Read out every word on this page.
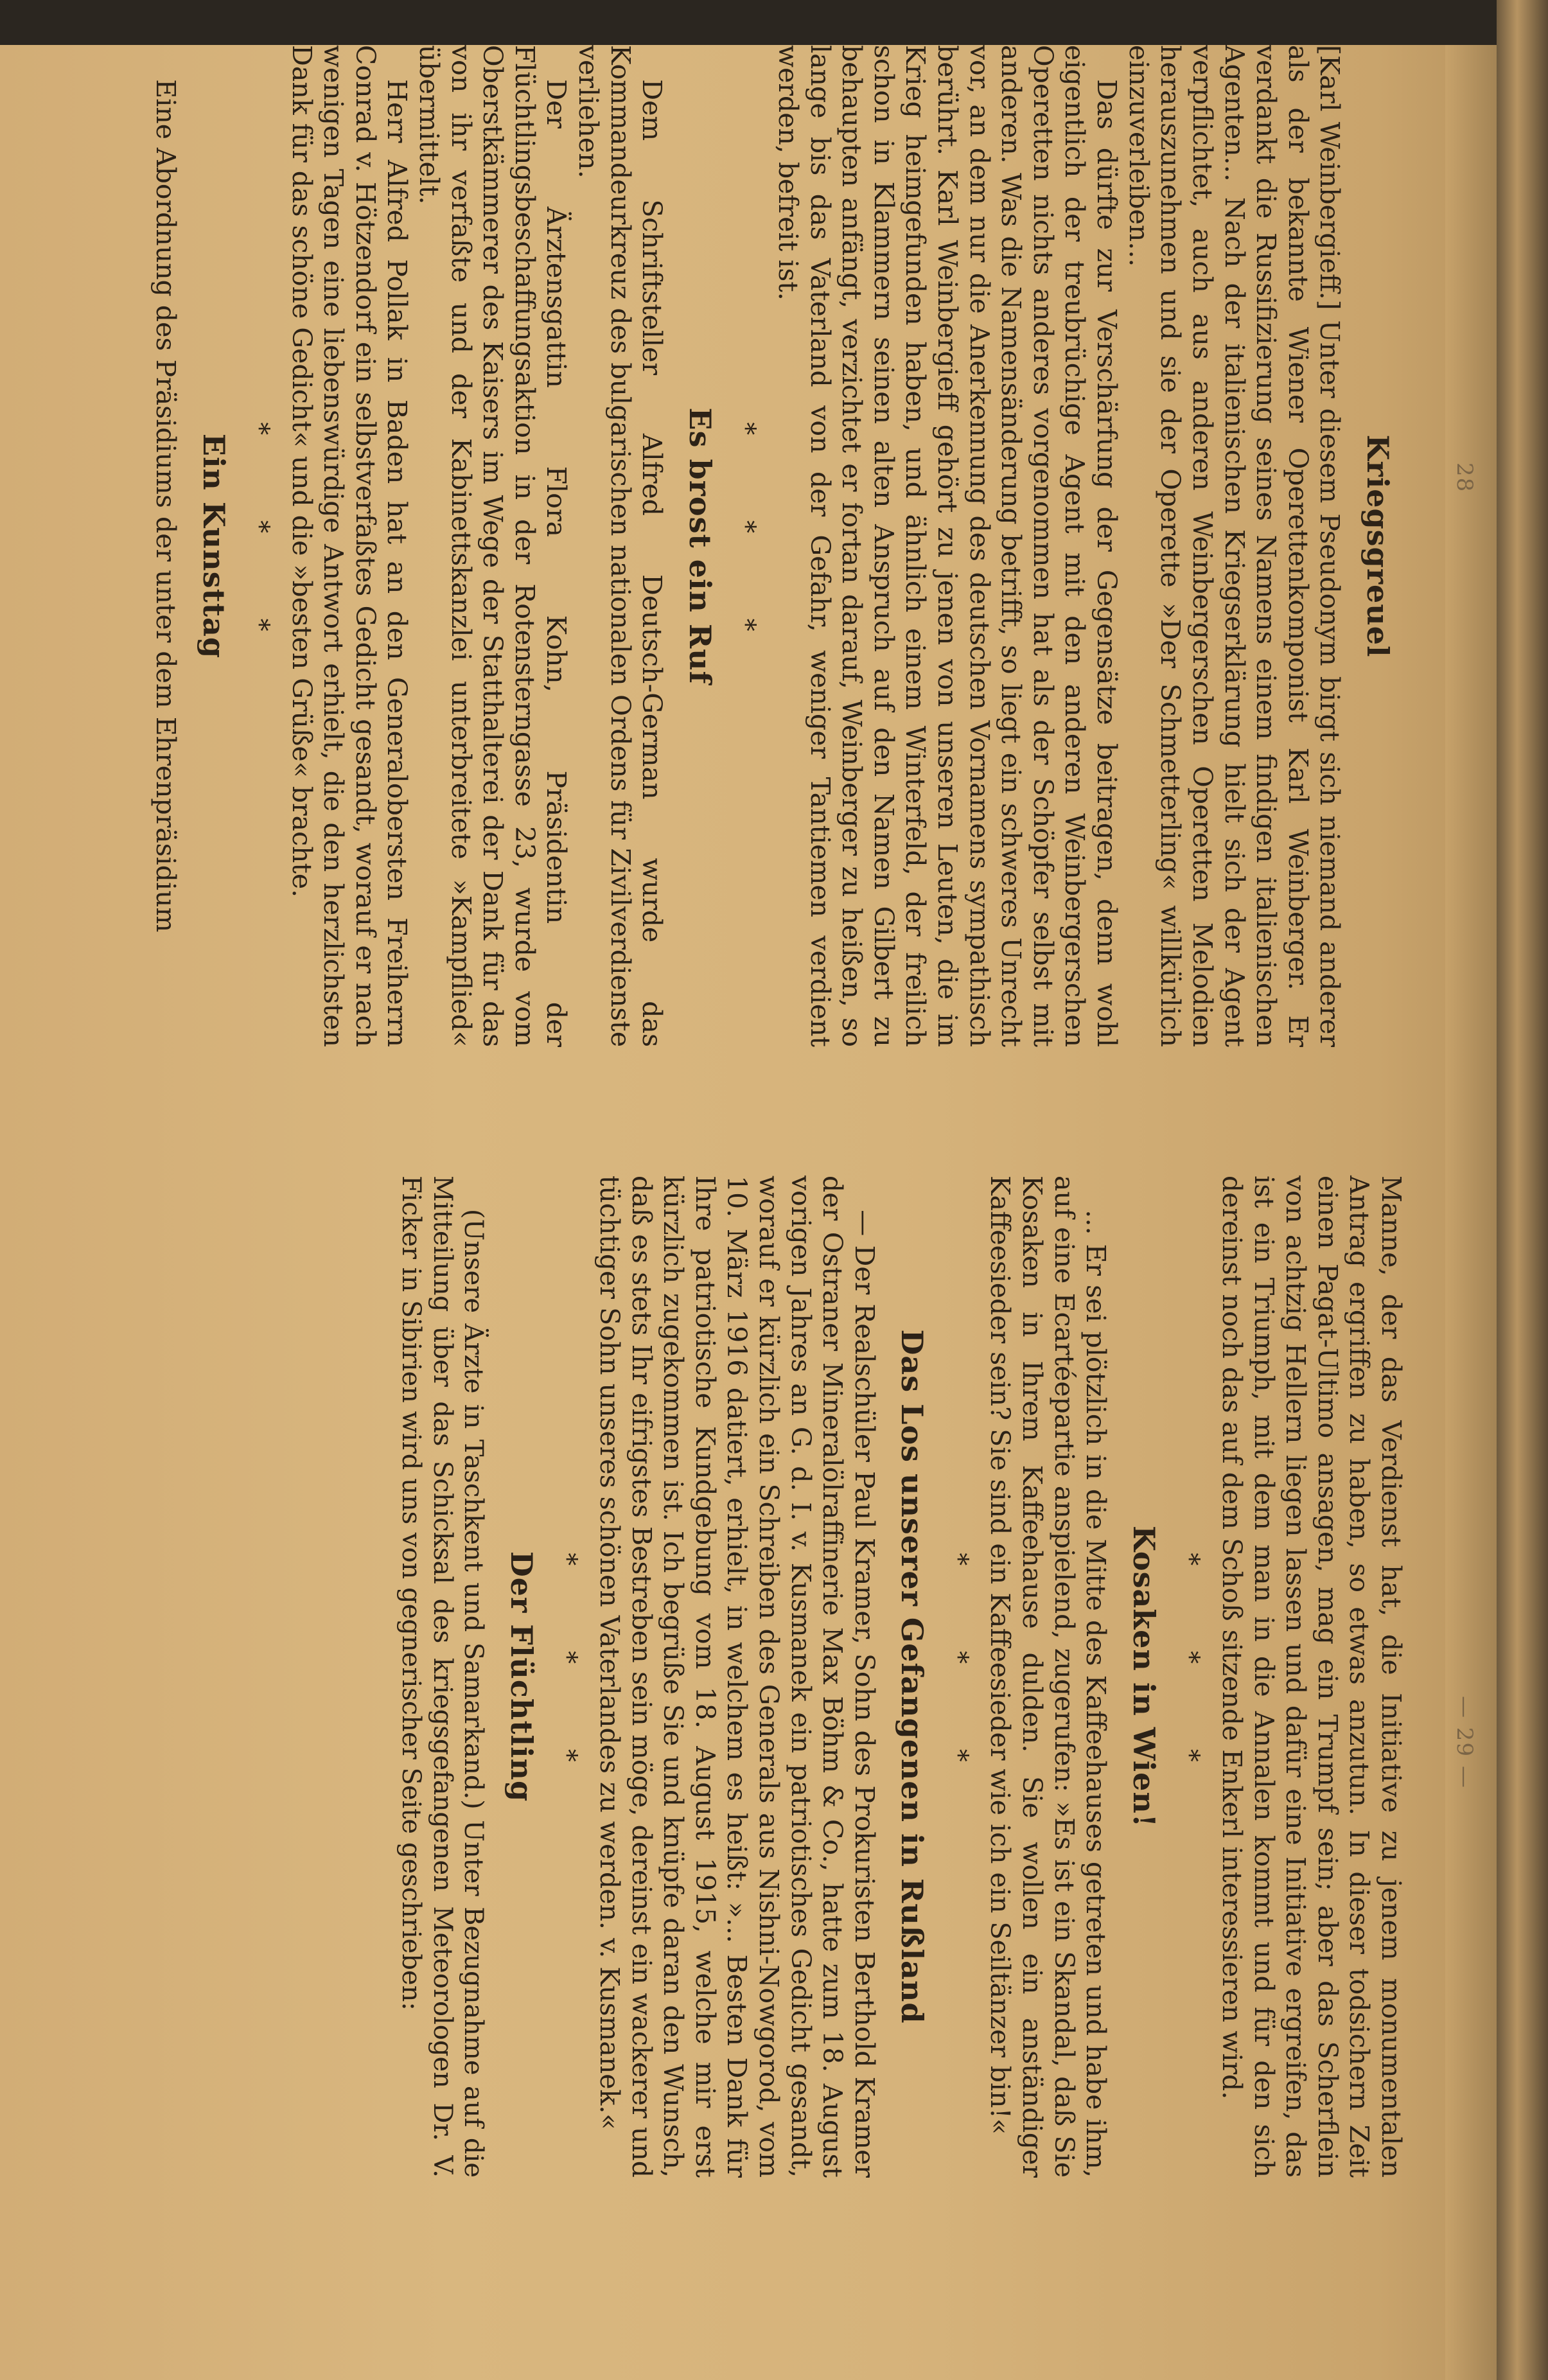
28
— 29 —
Kriegsgreuel

[Karl Weinbergieff.] Unter diesem Pseudonym birgt sich niemand anderer als der bekannte Wiener Operettenkomponist Karl Weinberger. Er verdankt die Russifizierung seines Namens einem findigen italienischen Agenten... Nach der italienischen Kriegserklärung hielt sich der Agent verpflichtet, auch aus anderen Weinbergerschen Operetten Melodien herauszunehmen und sie der Operette »Der Schmetterling« willkürlich einzuverleiben...

Das dürfte zur Verschärfung der Gegensätze beitragen, denn wohl eigentlich der treubrüchige Agent mit den anderen Weinbergerschen Operetten nichts anderes vorgenommen hat als der Schöpfer selbst mit anderen. Was die Namensänderung betrifft, so liegt ein schweres Unrecht vor, an dem nur die Anerkennung des deutschen Vornamens sympathisch berührt. Karl Weinbergieff gehört zu jenen von unseren Leuten, die im Krieg heimgefunden haben, und ähnlich einem Winterfeld, der freilich schon in Klammern seinen alten Anspruch auf den Namen Gilbert zu behaupten anfängt, verzichtet er fortan darauf, Weinberger zu heißen, so lange bis das Vaterland von der Gefahr, weniger Tantiemen verdient werden, befreit ist.

* * *
Es brost ein Ruf

Dem Schriftsteller Alfred Deutsch-German wurde das Kommandeurkreuz des bulgarischen nationalen Ordens für Zivilverdienste verliehen.

Der Ärztensgattin Flora Kohn, Präsidentin der Flüchtlingsbeschaffungsaktion in der Rotensterngasse 23, wurde vom Oberstkämmerer des Kaisers im Wege der Statthalterei der Dank für das von ihr verfaßte und der Kabinettskanzlei unterbreitete »Kampflied« übermittelt.

Herr Alfred Pollak in Baden hat an den Generalobersten Freiherrn Conrad v. Hötzendorf ein selbstverfaßtes Gedicht gesandt, worauf er nach wenigen Tagen eine liebenswürdige Antwort erhielt, die den herzlichsten Dank für das schöne Gedicht« und die »besten Grüße« brachte.

* * *
Ein Kunsttag

Eine Abordnung des Präsidiums der unter dem Ehrenpräsidium

Manne, der das Verdienst hat, die Initiative zu jenem monumentalen Antrag ergriffen zu haben, so etwas anzutun. In dieser todsichern Zeit einen Pagat-Ultimo ansagen, mag ein Trumpf sein; aber das Scherflein von achtzig Hellern liegen lassen und dafür eine Initiative ergreifen, das ist ein Triumph, mit dem man in die Annalen kommt und für den sich dereinst noch das auf dem Schoß sitzende Enkerl interessieren wird.

* * *
Kosaken in Wien!

... Er sei plötzlich in die Mitte des Kaffeehauses getreten und habe ihm, auf eine Ecartéepartie anspielend, zugerufen: »Es ist ein Skandal, daß Sie Kosaken in Ihrem Kaffeehause dulden. Sie wollen ein anständiger Kaffeesieder sein? Sie sind ein Kaffeesieder wie ich ein Seiltänzer bin!«

* * *
Das Los unserer Gefangenen in Rußland

— Der Realschüler Paul Kramer, Sohn des Prokuristen Berthold Kramer der Ostraner Mineralölraffinerie Max Böhm & Co., hatte zum 18. August vorigen Jahres an G. d. I. v. Kusmanek ein patriotisches Gedicht gesandt, worauf er kürzlich ein Schreiben des Generals aus Nishni-Nowgorod, vom 10. März 1916 datiert, erhielt, in welchem es heißt: »... Besten Dank für Ihre patriotische Kundgebung vom 18. August 1915, welche mir erst kürzlich zugekommen ist. Ich begrüße Sie und knüpfe daran den Wunsch, daß es stets Ihr eifrigstes Bestreben sein möge, dereinst ein wackerer und tüchtiger Sohn unseres schönen Vaterlandes zu werden. v. Kusmanek.«

* * *
Der Flüchtling

(Unsere Ärzte in Taschkent und Samarkand.) Unter Bezugnahme auf die Mitteilung über das Schicksal des kriegsgefangenen Meteorologen Dr. V. Ficker in Sibirien wird uns von gegnerischer Seite geschrieben:
